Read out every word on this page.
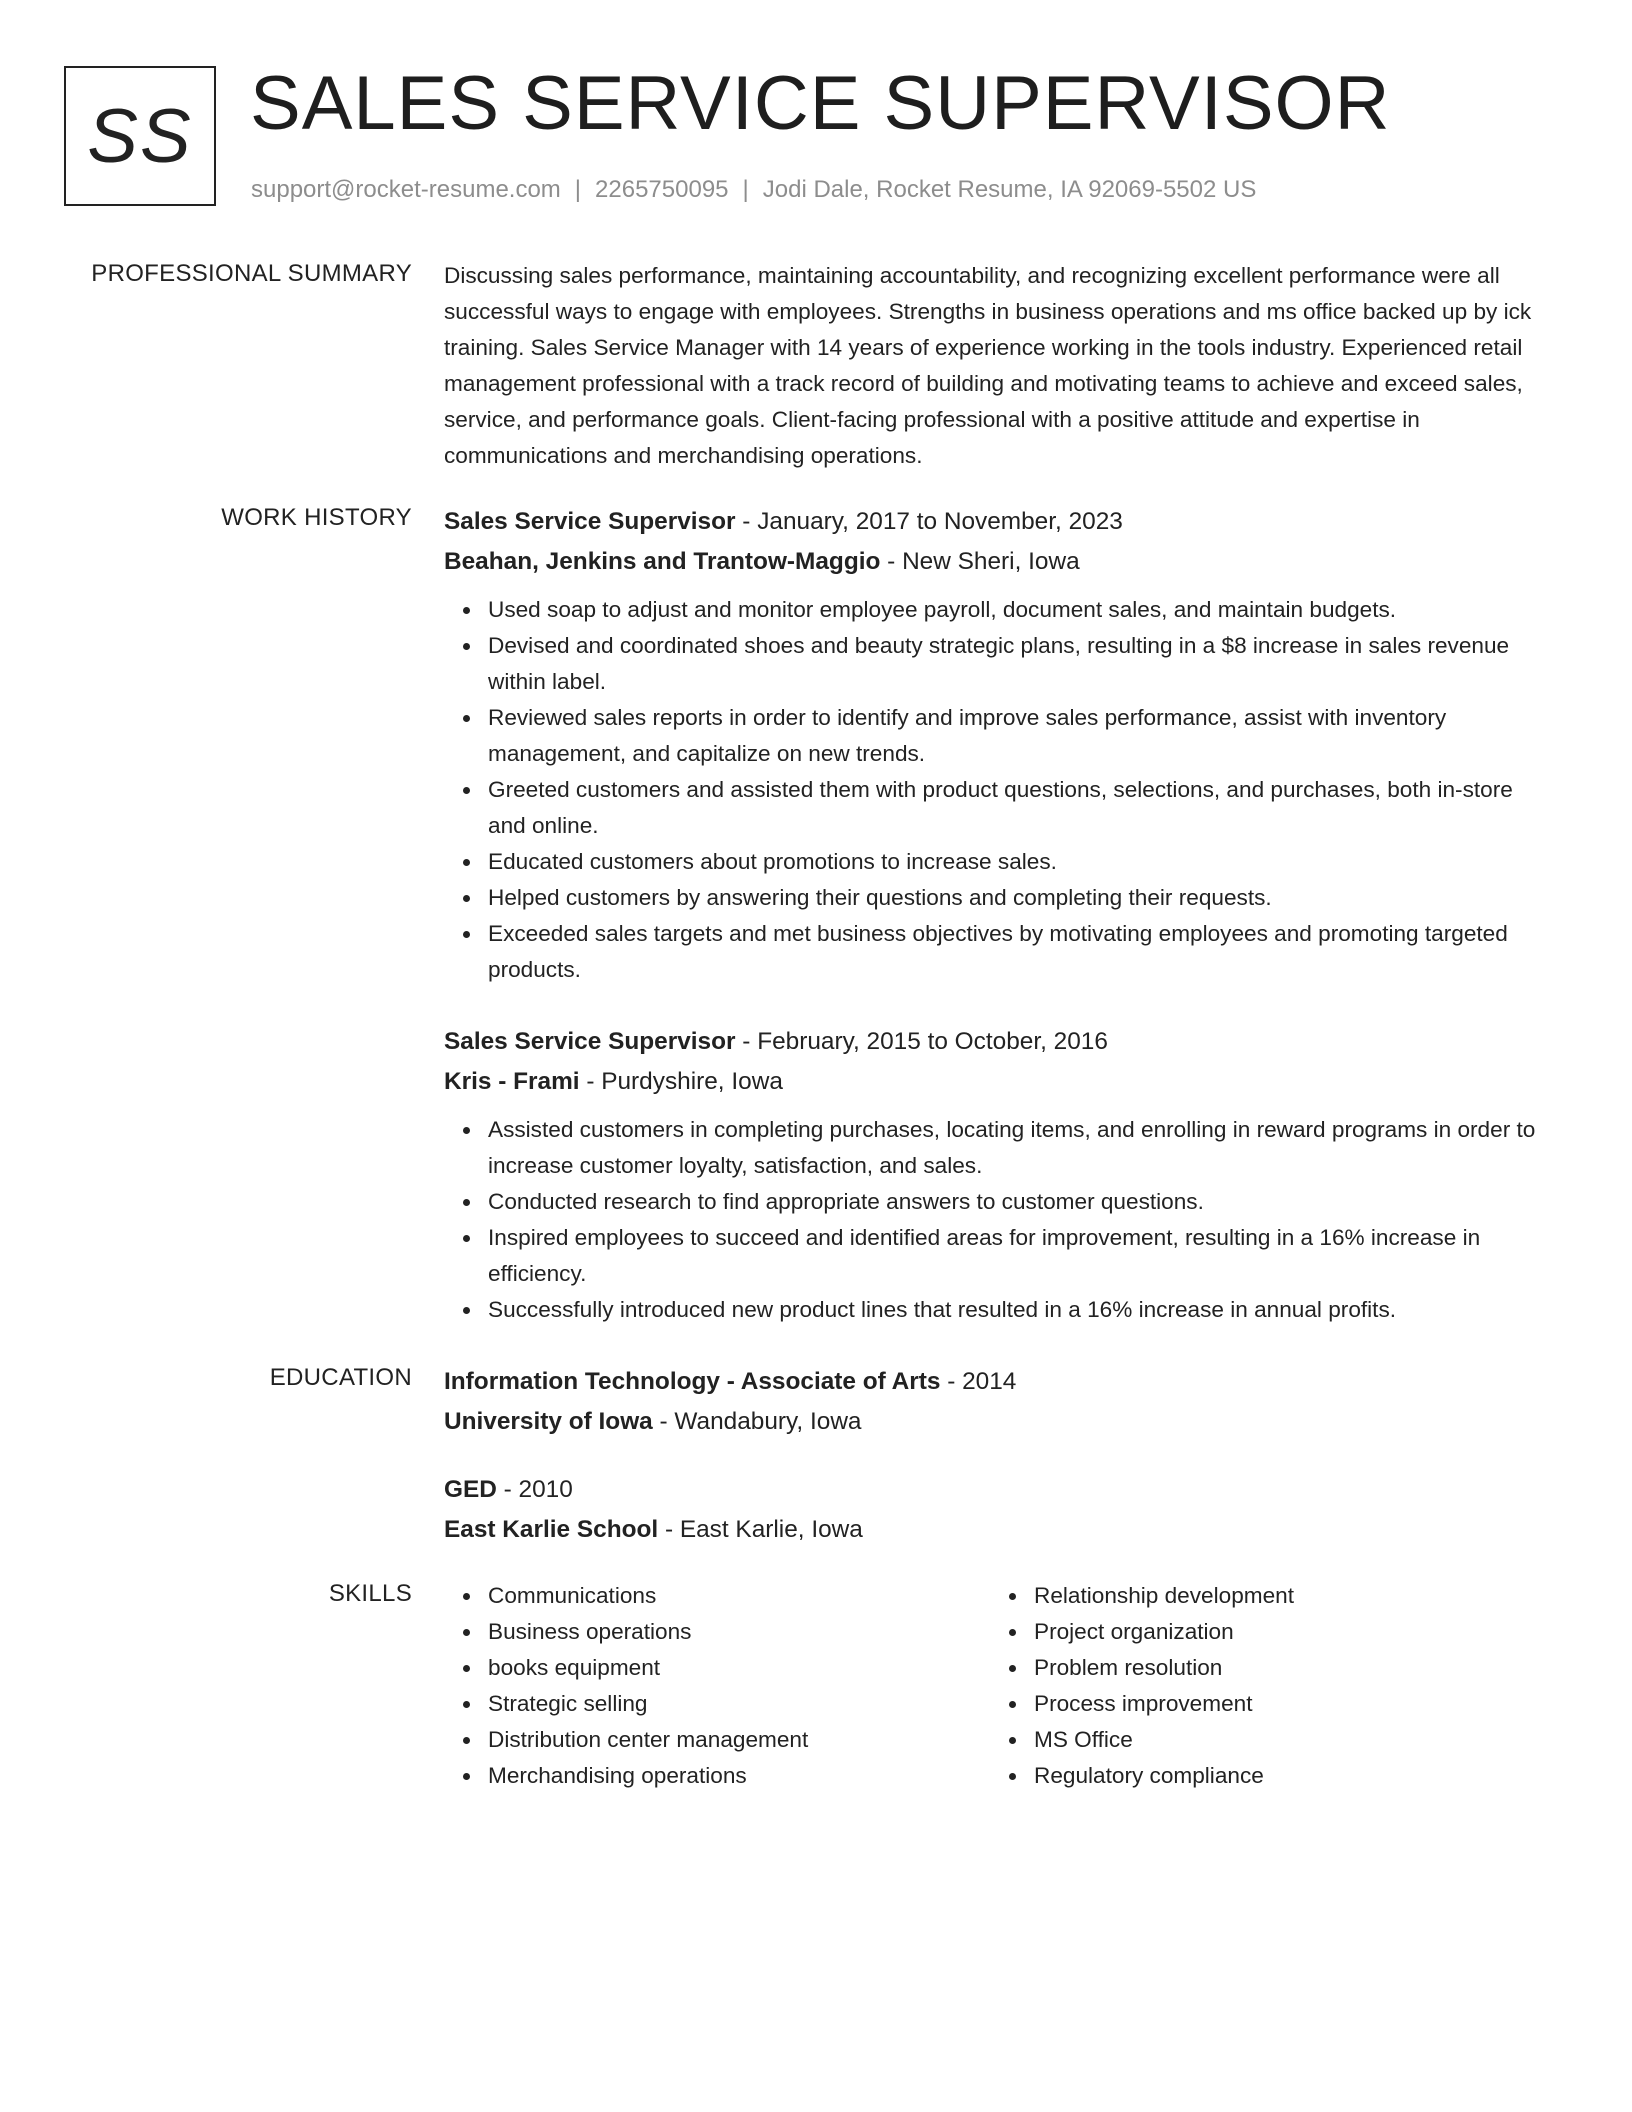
SS SALES SERVICE SUPERVISOR
support@rocket-resume.com | 2265750095 | Jodi Dale, Rocket Resume, IA 92069-5502 US
PROFESSIONAL SUMMARY Discussing sales performance, maintaining accountability, and recognizing excellent performance were all successful ways to engage with employees. Strengths in business operations and ms office backed up by ick training. Sales Service Manager with 14 years of experience working in the tools industry. Experienced retail management professional with a track record of building and motivating teams to achieve and exceed sales, service, and performance goals. Client-facing professional with a positive attitude and expertise in communications and merchandising operations.

WORK HISTORY Sales Service Supervisor - January, 2017 to November, 2023
Beahan, Jenkins and Trantow-Maggio - New Sheri, Iowa
Used soap to adjust and monitor employee payroll, document sales, and maintain budgets.
Devised and coordinated shoes and beauty strategic plans, resulting in a $8 increase in sales revenue within label.
Reviewed sales reports in order to identify and improve sales performance, assist with inventory management, and capitalize on new trends.
Greeted customers and assisted them with product questions, selections, and purchases, both in-store and online.
Educated customers about promotions to increase sales.
Helped customers by answering their questions and completing their requests.
Exceeded sales targets and met business objectives by motivating employees and promoting targeted products.
Sales Service Supervisor - February, 2015 to October, 2016
Kris - Frami - Purdyshire, Iowa
Assisted customers in completing purchases, locating items, and enrolling in reward programs in order to increase customer loyalty, satisfaction, and sales.
Conducted research to find appropriate answers to customer questions.
Inspired employees to succeed and identified areas for improvement, resulting in a 16% increase in efficiency.
Successfully introduced new product lines that resulted in a 16% increase in annual profits.
EDUCATION Information Technology - Associate of Arts - 2014
University of Iowa - Wandabury, Iowa
GED - 2010
East Karlie School - East Karlie, Iowa
SKILLS	Communications
Business operations
books equipment
Strategic selling
Distribution center management
Merchandising operations
Relationship development
Project organization
Problem resolution
Process improvement
MS Office
Regulatory compliance
